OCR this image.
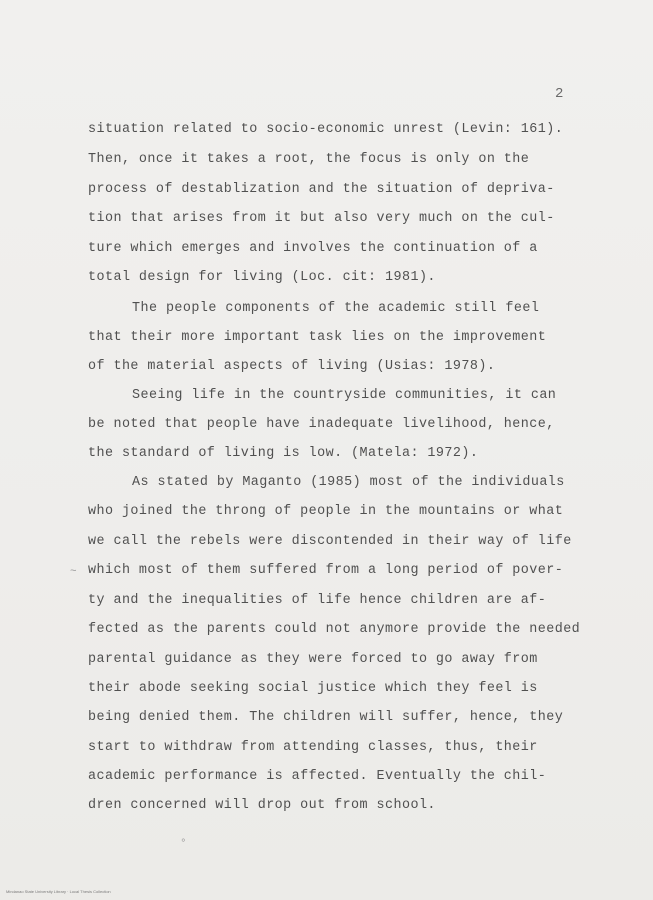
2
situation related to socio-economic unrest (Levin: 161).
Then, once it takes a root, the focus is only on the
process of destablization and the situation of depriva-
tion that arises from it but also very much on the cul-
ture which emerges and involves the continuation of a
total design for living (Loc. cit: 1981).
The people components of the academic still feel
that their more important task lies on the improvement
of the material aspects of living (Usias: 1978).
Seeing life in the countryside communities, it can
be noted that people have inadequate livelihood, hence,
the standard of living is low. (Matela: 1972).
As stated by Maganto (1985) most of the individuals
who joined the throng of people in the mountains or what
we call the rebels were discontended in their way of life
which most of them suffered from a long period of pover-
ty and the inequalities of life hence children are af-
fected as the parents could not anymore provide the needed
parental guidance as they were forced to go away from
their abode seeking social justice which they feel is
being denied them. The children will suffer, hence, they
start to withdraw from attending classes, thus, their
academic performance is affected. Eventually the chil-
dren concerned will drop out from school.
~
°
Mindanao State University Library · Local Thesis Collection
